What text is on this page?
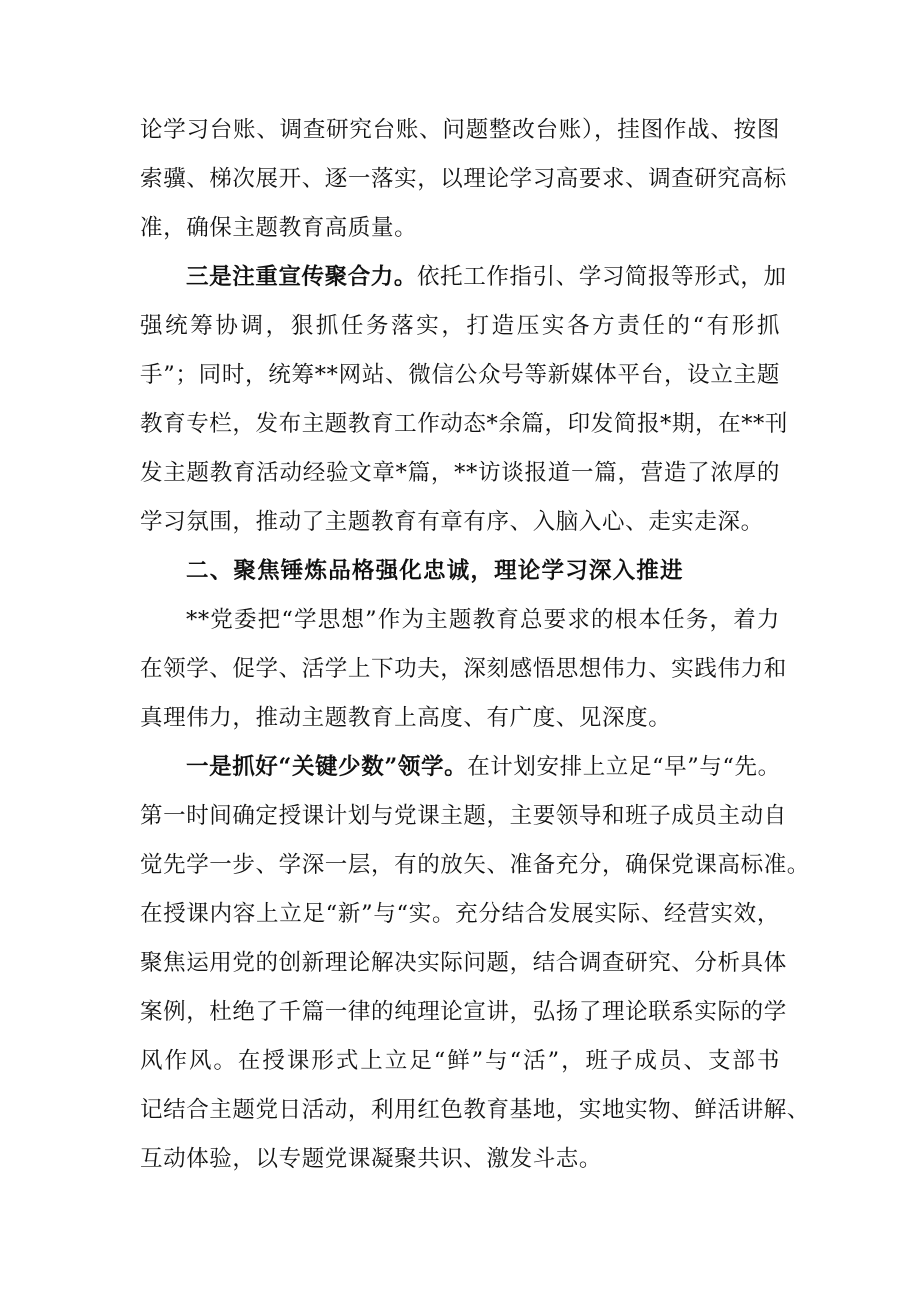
论学习台账、调查研究台账、问题整改台账），挂图作战、按图
索骥、梯次展开、逐一落实，以理论学习高要求、调查研究高标
准，确保主题教育高质量。
三是注重宣传聚合力。依托工作指引、学习简报等形式，加
强统筹协调，狠抓任务落实，打造压实各方责任的“有形抓
手”；同时，统筹**网站、微信公众号等新媒体平台，设立主题
教育专栏，发布主题教育工作动态*余篇，印发简报*期，在**刊
发主题教育活动经验文章*篇，**访谈报道一篇，营造了浓厚的
学习氛围，推动了主题教育有章有序、入脑入心、走实走深。
二、聚焦锤炼品格强化忠诚，理论学习深入推进
**党委把“学思想”作为主题教育总要求的根本任务，着力
在领学、促学、活学上下功夫，深刻感悟思想伟力、实践伟力和
真理伟力，推动主题教育上高度、有广度、见深度。
一是抓好“关键少数”领学。在计划安排上立足“早”与“先。
第一时间确定授课计划与党课主题，主要领导和班子成员主动自
觉先学一步、学深一层，有的放矢、准备充分，确保党课高标准。
在授课内容上立足“新”与“实。充分结合发展实际、经营实效，
聚焦运用党的创新理论解决实际问题，结合调查研究、分析具体
案例，杜绝了千篇一律的纯理论宣讲，弘扬了理论联系实际的学
风作风。在授课形式上立足“鲜”与“活”，班子成员、支部书
记结合主题党日活动，利用红色教育基地，实地实物、鲜活讲解、
互动体验，以专题党课凝聚共识、激发斗志。
